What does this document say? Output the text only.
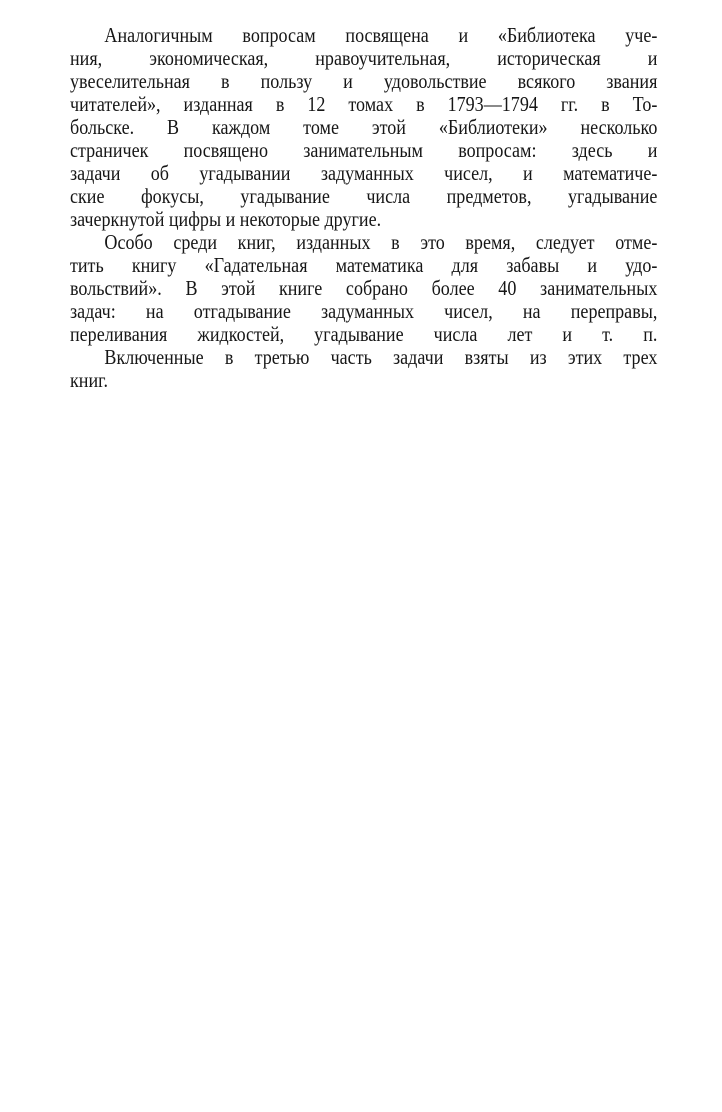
Аналогичным вопросам посвящена и «Библиотека уче-
ния, экономическая, нравоучительная, историческая и
увеселительная в пользу и удовольствие всякого звания
читателей», изданная в 12 томах в 1793—1794 гг. в То-
больске. В каждом томе этой «Библиотеки» несколько
страничек посвящено занимательным вопросам: здесь и
задачи об угадывании задуманных чисел, и математиче-
ские фокусы, угадывание числа предметов, угадывание
зачеркнутой цифры и некоторые другие.
Особо среди книг, изданных в это время, следует отме-
тить книгу «Гадательная математика для забавы и удо-
вольствий». В этой книге собрано более 40 занимательных
задач: на отгадывание задуманных чисел, на переправы,
переливания жидкостей, угадывание числа лет и т. п.
Включенные в третью часть задачи взяты из этих трех
книг.
